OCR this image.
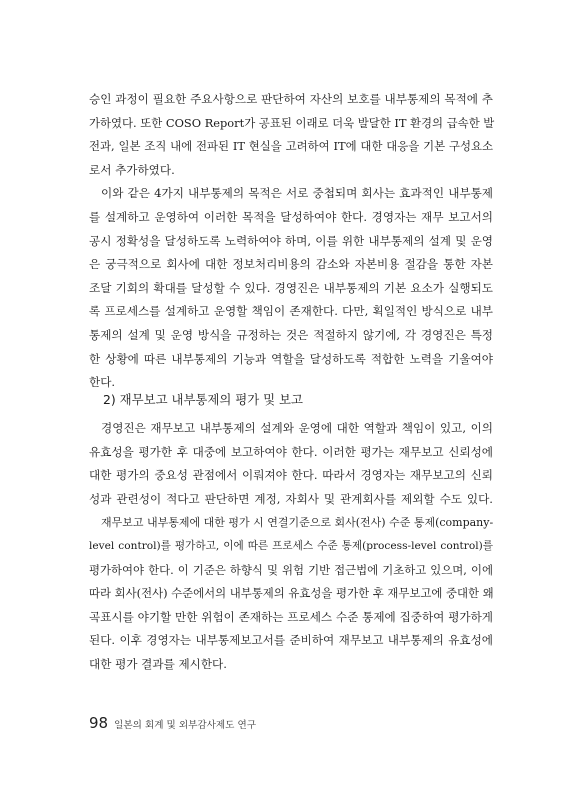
승인 과정이 필요한 주요사항으로 판단하여 자산의 보호를 내부통제의 목적에 추
가하였다. 또한 COSO Report가 공표된 이래로 더욱 발달한 IT 환경의 급속한 발
전과, 일본 조직 내에 전파된 IT 현실을 고려하여 IT에 대한 대응을 기본 구성요소
로서 추가하였다.

이와 같은 4가지 내부통제의 목적은 서로 중첩되며 회사는 효과적인 내부통제
를 설계하고 운영하여 이러한 목적을 달성하여야 한다. 경영자는 재무 보고서의
공시 정확성을 달성하도록 노력하여야 하며, 이를 위한 내부통제의 설계 및 운영
은 궁극적으로 회사에 대한 정보처리비용의 감소와 자본비용 절감을 통한 자본
조달 기회의 확대를 달성할 수 있다. 경영진은 내부통제의 기본 요소가 실행되도
록 프로세스를 설계하고 운영할 책임이 존재한다. 다만, 획일적인 방식으로 내부
통제의 설계 및 운영 방식을 규정하는 것은 적절하지 않기에, 각 경영진은 특정
한 상황에 따른 내부통제의 기능과 역할을 달성하도록 적합한 노력을 기울여야
한다.

2) 재무보고 내부통제의 평가 및 보고

경영진은 재무보고 내부통제의 설계와 운영에 대한 역할과 책임이 있고, 이의
유효성을 평가한 후 대중에 보고하여야 한다. 이러한 평가는 재무보고 신뢰성에
대한 평가의 중요성 관점에서 이뤄져야 한다. 따라서 경영자는 재무보고의 신뢰
성과 관련성이 적다고 판단하면 계정, 자회사 및 관계회사를 제외할 수도 있다.

재무보고 내부통제에 대한 평가 시 연결기준으로 회사(전사) 수준 통제(company-
level control)를 평가하고, 이에 따른 프로세스 수준 통제(process-level control)를
평가하여야 한다. 이 기준은 하향식 및 위험 기반 접근법에 기초하고 있으며, 이에
따라 회사(전사) 수준에서의 내부통제의 유효성을 평가한 후 재무보고에 중대한 왜
곡표시를 야기할 만한 위험이 존재하는 프로세스 수준 통제에 집중하여 평가하게
된다. 이후 경영자는 내부통제보고서를 준비하여 재무보고 내부통제의 유효성에
대한 평가 결과를 제시한다.

98 일본의 회계 및 외부감사제도 연구
